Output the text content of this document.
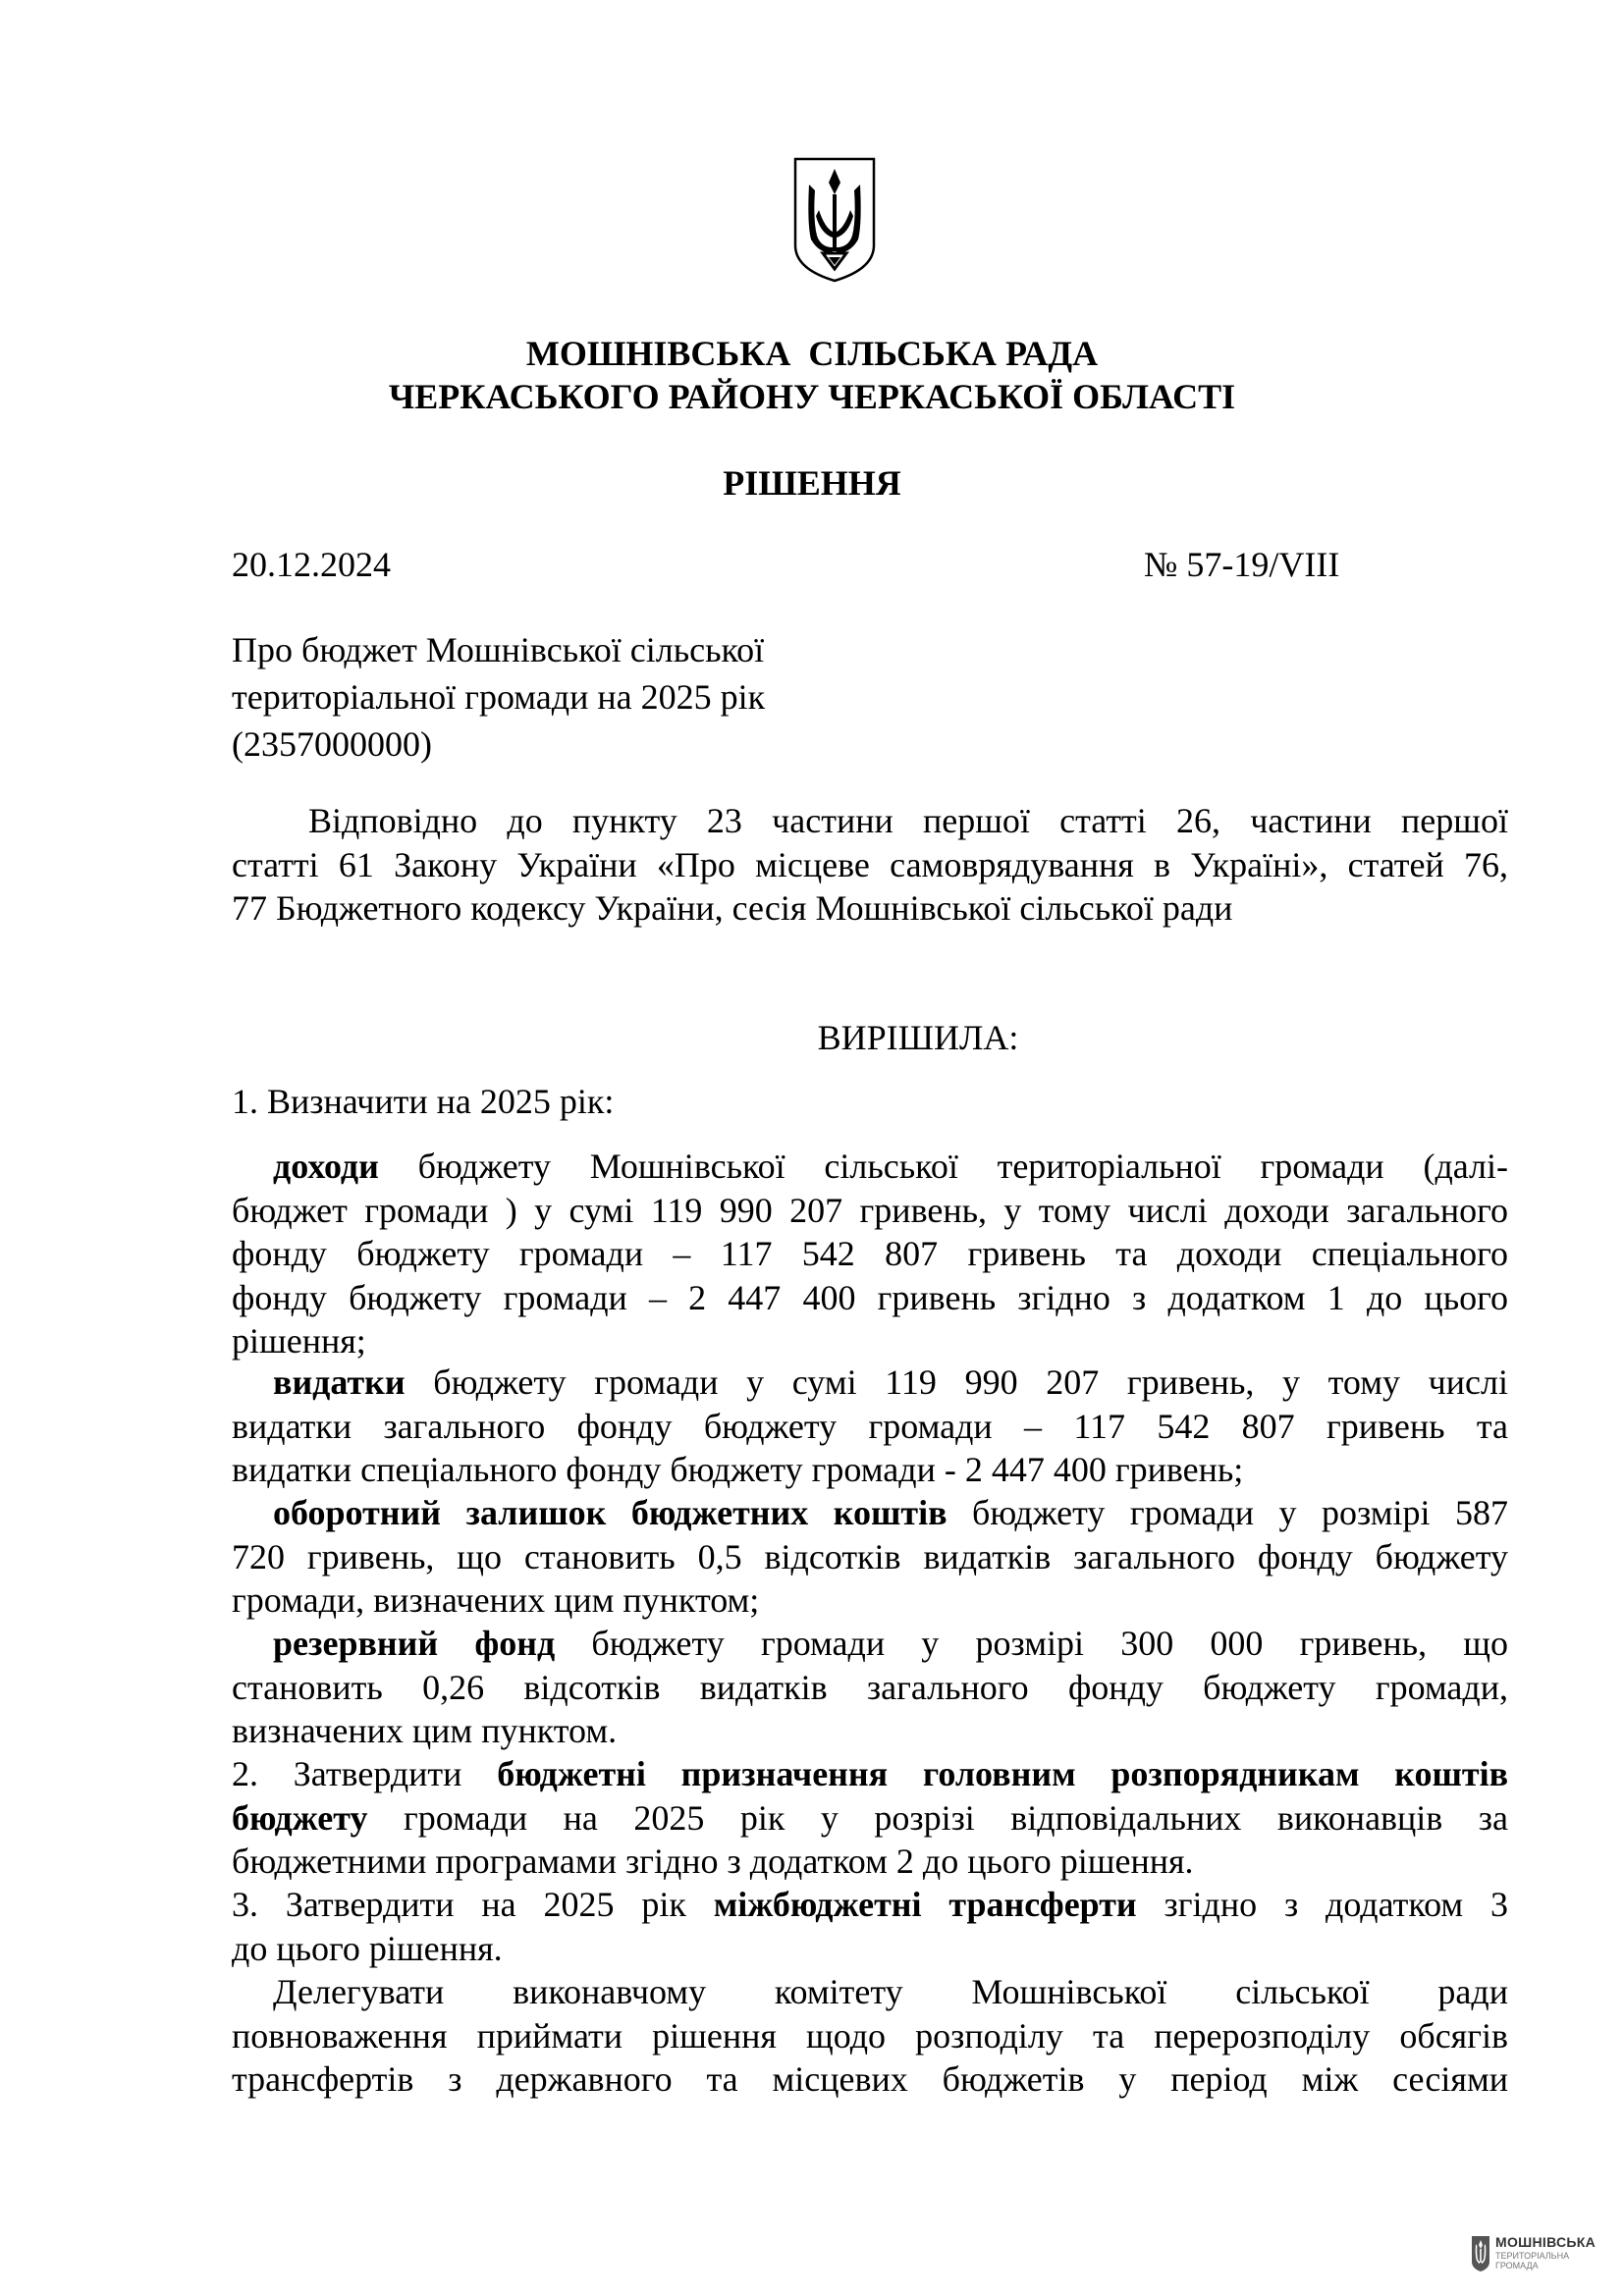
МОШНІВСЬКА  СІЛЬСЬКА РАДА
ЧЕРКАСЬКОГО РАЙОНУ ЧЕРКАСЬКОЇ ОБЛАСТІ
РІШЕННЯ
20.12.2024	№ 57-19/VIII
Про бюджет Мошнівської сільської
територіальної громади на 2025 рік
(2357000000)
Відповідно до пункту 23 частини першої статті 26, частини першої
статті 61 Закону України «Про місцеве самоврядування в Україні», статей 76,
77 Бюджетного кодексу України, сесія Мошнівської сільської ради
ВИРІШИЛА:
1. Визначити на 2025 рік:
доходи бюджету Мошнівської сільської територіальної громади (далі-
бюджет громади ) у сумі 119 990 207 гривень, у тому числі доходи загального
фонду бюджету громади – 117 542 807 гривень та доходи спеціального
фонду бюджету громади – 2 447 400 гривень згідно з додатком 1 до цього
рішення;
видатки бюджету громади у сумі 119 990 207 гривень, у тому числі
видатки загального фонду бюджету громади – 117 542 807 гривень та
видатки спеціального фонду бюджету громади - 2 447 400 гривень;
оборотний залишок бюджетних коштів бюджету громади у розмірі 587
720 гривень, що становить 0,5 відсотків видатків загального фонду бюджету
громади, визначених цим пунктом;
резервний фонд бюджету громади у розмірі 300 000 гривень, що
становить 0,26 відсотків видатків загального фонду бюджету громади,
визначених цим пунктом.
2. Затвердити бюджетні призначення головним розпорядникам коштів
бюджету громади на 2025 рік у розрізі відповідальних виконавців за
бюджетними програмами згідно з додатком 2 до цього рішення.
3. Затвердити на 2025 рік міжбюджетні трансферти згідно з додатком 3
до цього рішення.
Делегувати виконавчому комітету Мошнівської сільської ради
повноваження приймати рішення щодо розподілу та перерозподілу обсягів
трансфертів з державного та місцевих бюджетів у період між сесіями
МОШНІВСЬКА
ТЕРИТОРІАЛЬНА
ГРОМАДА
